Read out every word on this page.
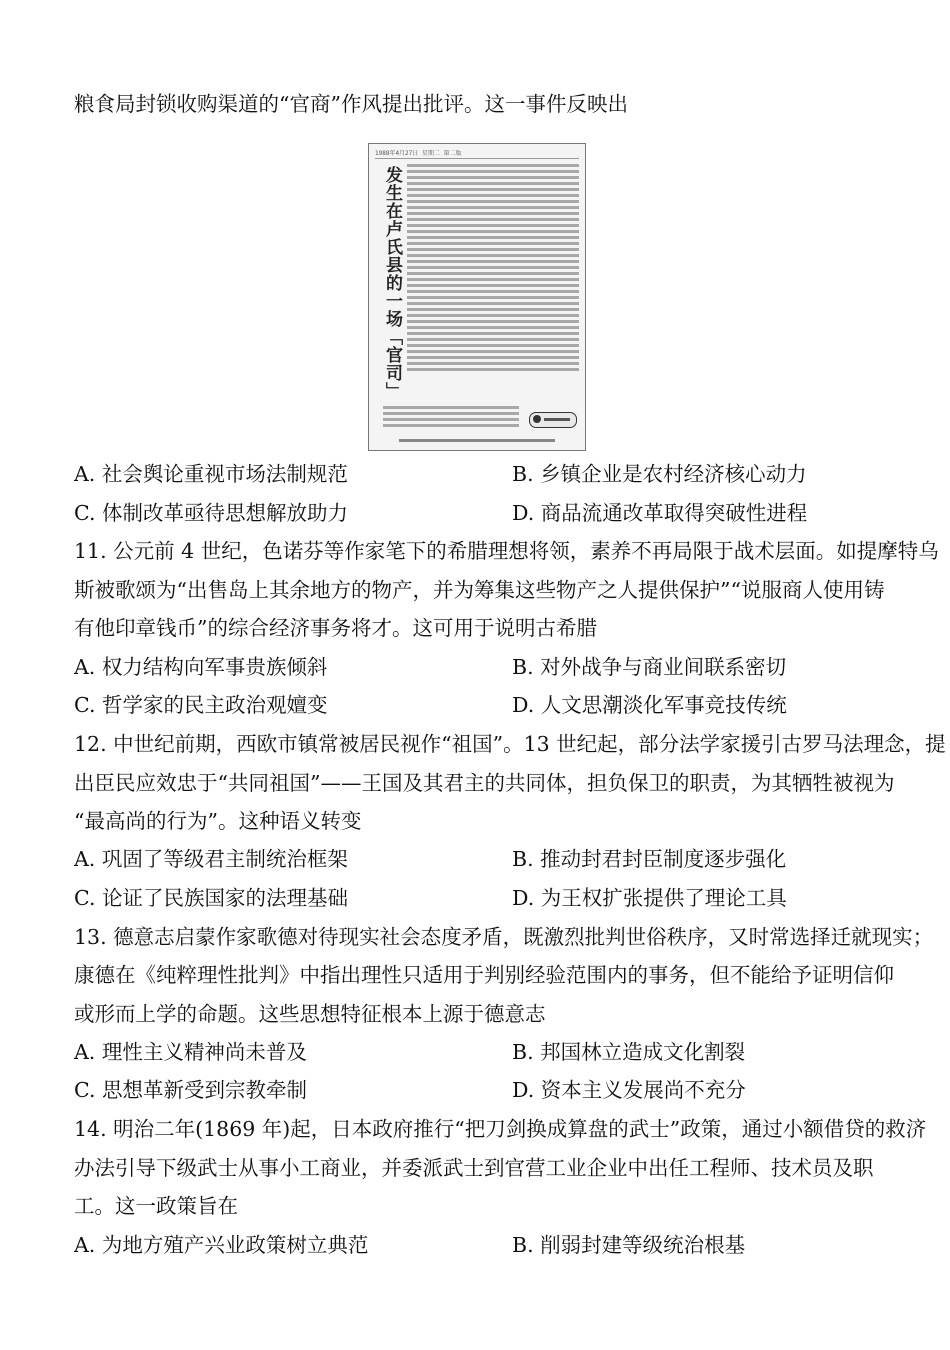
粮食局封锁收购渠道的“官商”作风提出批评。这一事件反映出
1988年4月27日 星期二 第二版
发生在卢氏县的一场「官司」
A. 社会舆论重视市场法制规范	B. 乡镇企业是农村经济核心动力
C. 体制改革亟待思想解放助力	D. 商品流通改革取得突破性进程
11. 公元前 4 世纪，色诺芬等作家笔下的希腊理想将领，素养不再局限于战术层面。如提摩特乌
斯被歌颂为“出售岛上其余地方的物产，并为筹集这些物产之人提供保护”“说服商人使用铸
有他印章钱币”的综合经济事务将才。这可用于说明古希腊
A. 权力结构向军事贵族倾斜	B. 对外战争与商业间联系密切
C. 哲学家的民主政治观嬗变	D. 人文思潮淡化军事竞技传统
12. 中世纪前期，西欧市镇常被居民视作“祖国”。13 世纪起，部分法学家援引古罗马法理念，提
出臣民应效忠于“共同祖国”——王国及其君主的共同体，担负保卫的职责，为其牺牲被视为
“最高尚的行为”。这种语义转变
A. 巩固了等级君主制统治框架	B. 推动封君封臣制度逐步强化
C. 论证了民族国家的法理基础	D. 为王权扩张提供了理论工具
13. 德意志启蒙作家歌德对待现实社会态度矛盾，既激烈批判世俗秩序，又时常选择迁就现实；
康德在《纯粹理性批判》中指出理性只适用于判别经验范围内的事务，但不能给予证明信仰
或形而上学的命题。这些思想特征根本上源于德意志
A. 理性主义精神尚未普及	B. 邦国林立造成文化割裂
C. 思想革新受到宗教牵制	D. 资本主义发展尚不充分
14. 明治二年(1869 年)起，日本政府推行“把刀剑换成算盘的武士”政策，通过小额借贷的救济
办法引导下级武士从事小工商业，并委派武士到官营工业企业中出任工程师、技术员及职
工。这一政策旨在
A. 为地方殖产兴业政策树立典范	B. 削弱封建等级统治根基
